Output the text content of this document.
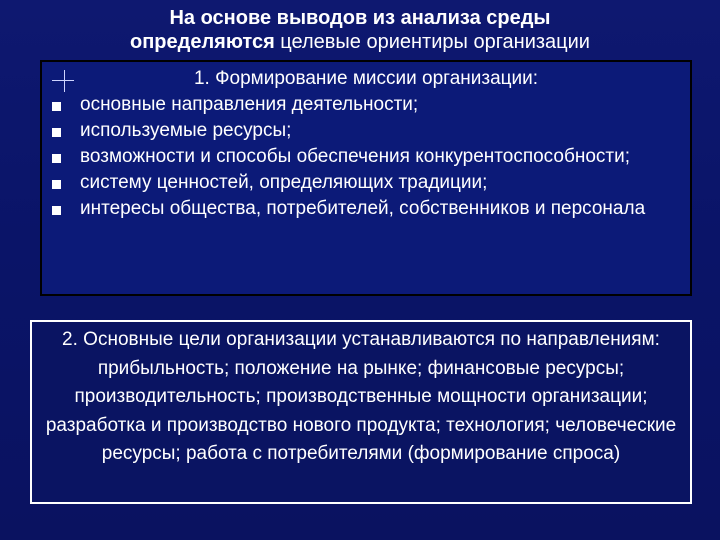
На основе выводов из анализа среды
определяются целевые ориентиры организации
1. Формирование миссии организации:
основные направления деятельности;
используемые ресурсы;
возможности и способы обеспечения конкурентоспособности;
систему ценностей, определяющих традиции;
интересы общества, потребителей, собственников и персонала
2. Основные цели организации устанавливаются по направлениям: прибыльность; положение на рынке; финансовые ресурсы; производительность; производственные мощности организации; разработка и производство нового продукта; технология; человеческие ресурсы; работа с потребителями (формирование спроса)
